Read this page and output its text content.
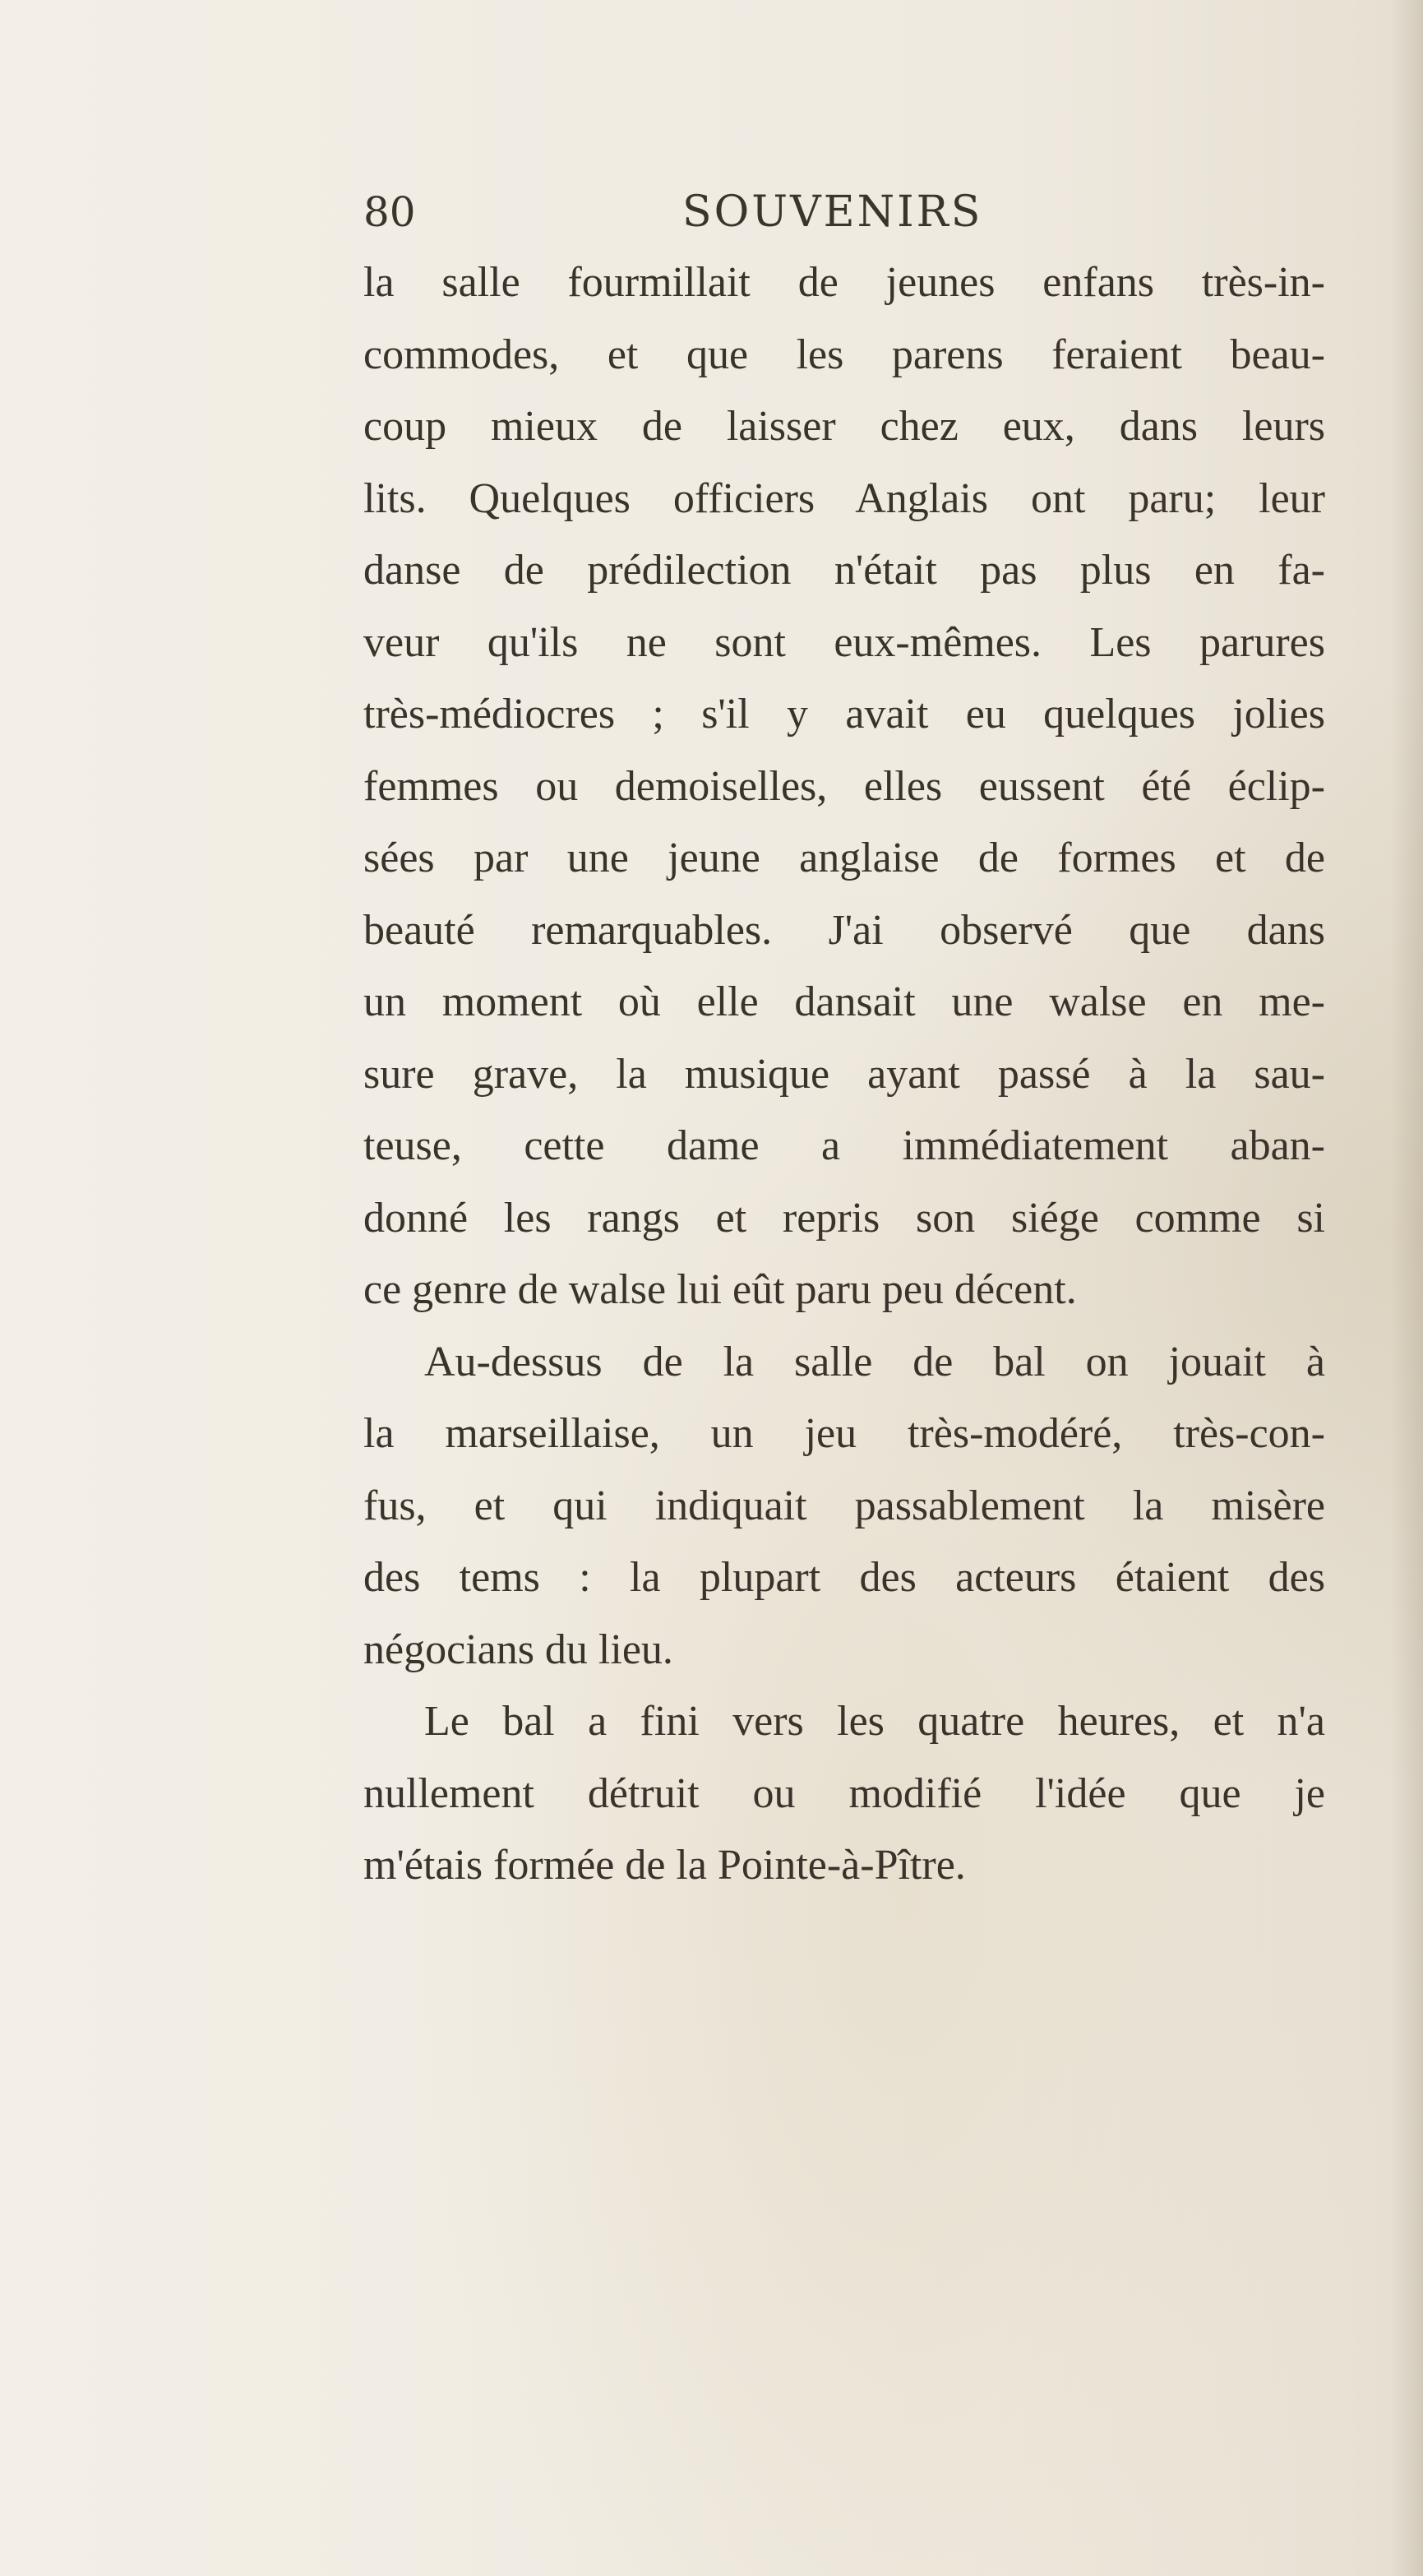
80	SOUVENIRS
la salle fourmillait de jeunes enfans très-in-
commodes, et que les parens feraient beau-
coup mieux de laisser chez eux, dans leurs
lits. Quelques officiers Anglais ont paru; leur
danse de prédilection n'était pas plus en fa-
veur qu'ils ne sont eux-mêmes. Les parures
très-médiocres ; s'il y avait eu quelques jolies
femmes ou demoiselles, elles eussent été éclip-
sées par une jeune anglaise de formes et de
beauté remarquables. J'ai observé que dans
un moment où elle dansait une walse en me-
sure grave, la musique ayant passé à la sau-
teuse, cette dame a immédiatement aban-
donné les rangs et repris son siége comme si
ce genre de walse lui eût paru peu décent.
Au-dessus de la salle de bal on jouait à
la marseillaise, un jeu très-modéré, très-con-
fus, et qui indiquait passablement la misère
des tems : la plupart des acteurs étaient des
négocians du lieu.
Le bal a fini vers les quatre heures, et n'a
nullement détruit ou modifié l'idée que je
m'étais formée de la Pointe-à-Pître.
